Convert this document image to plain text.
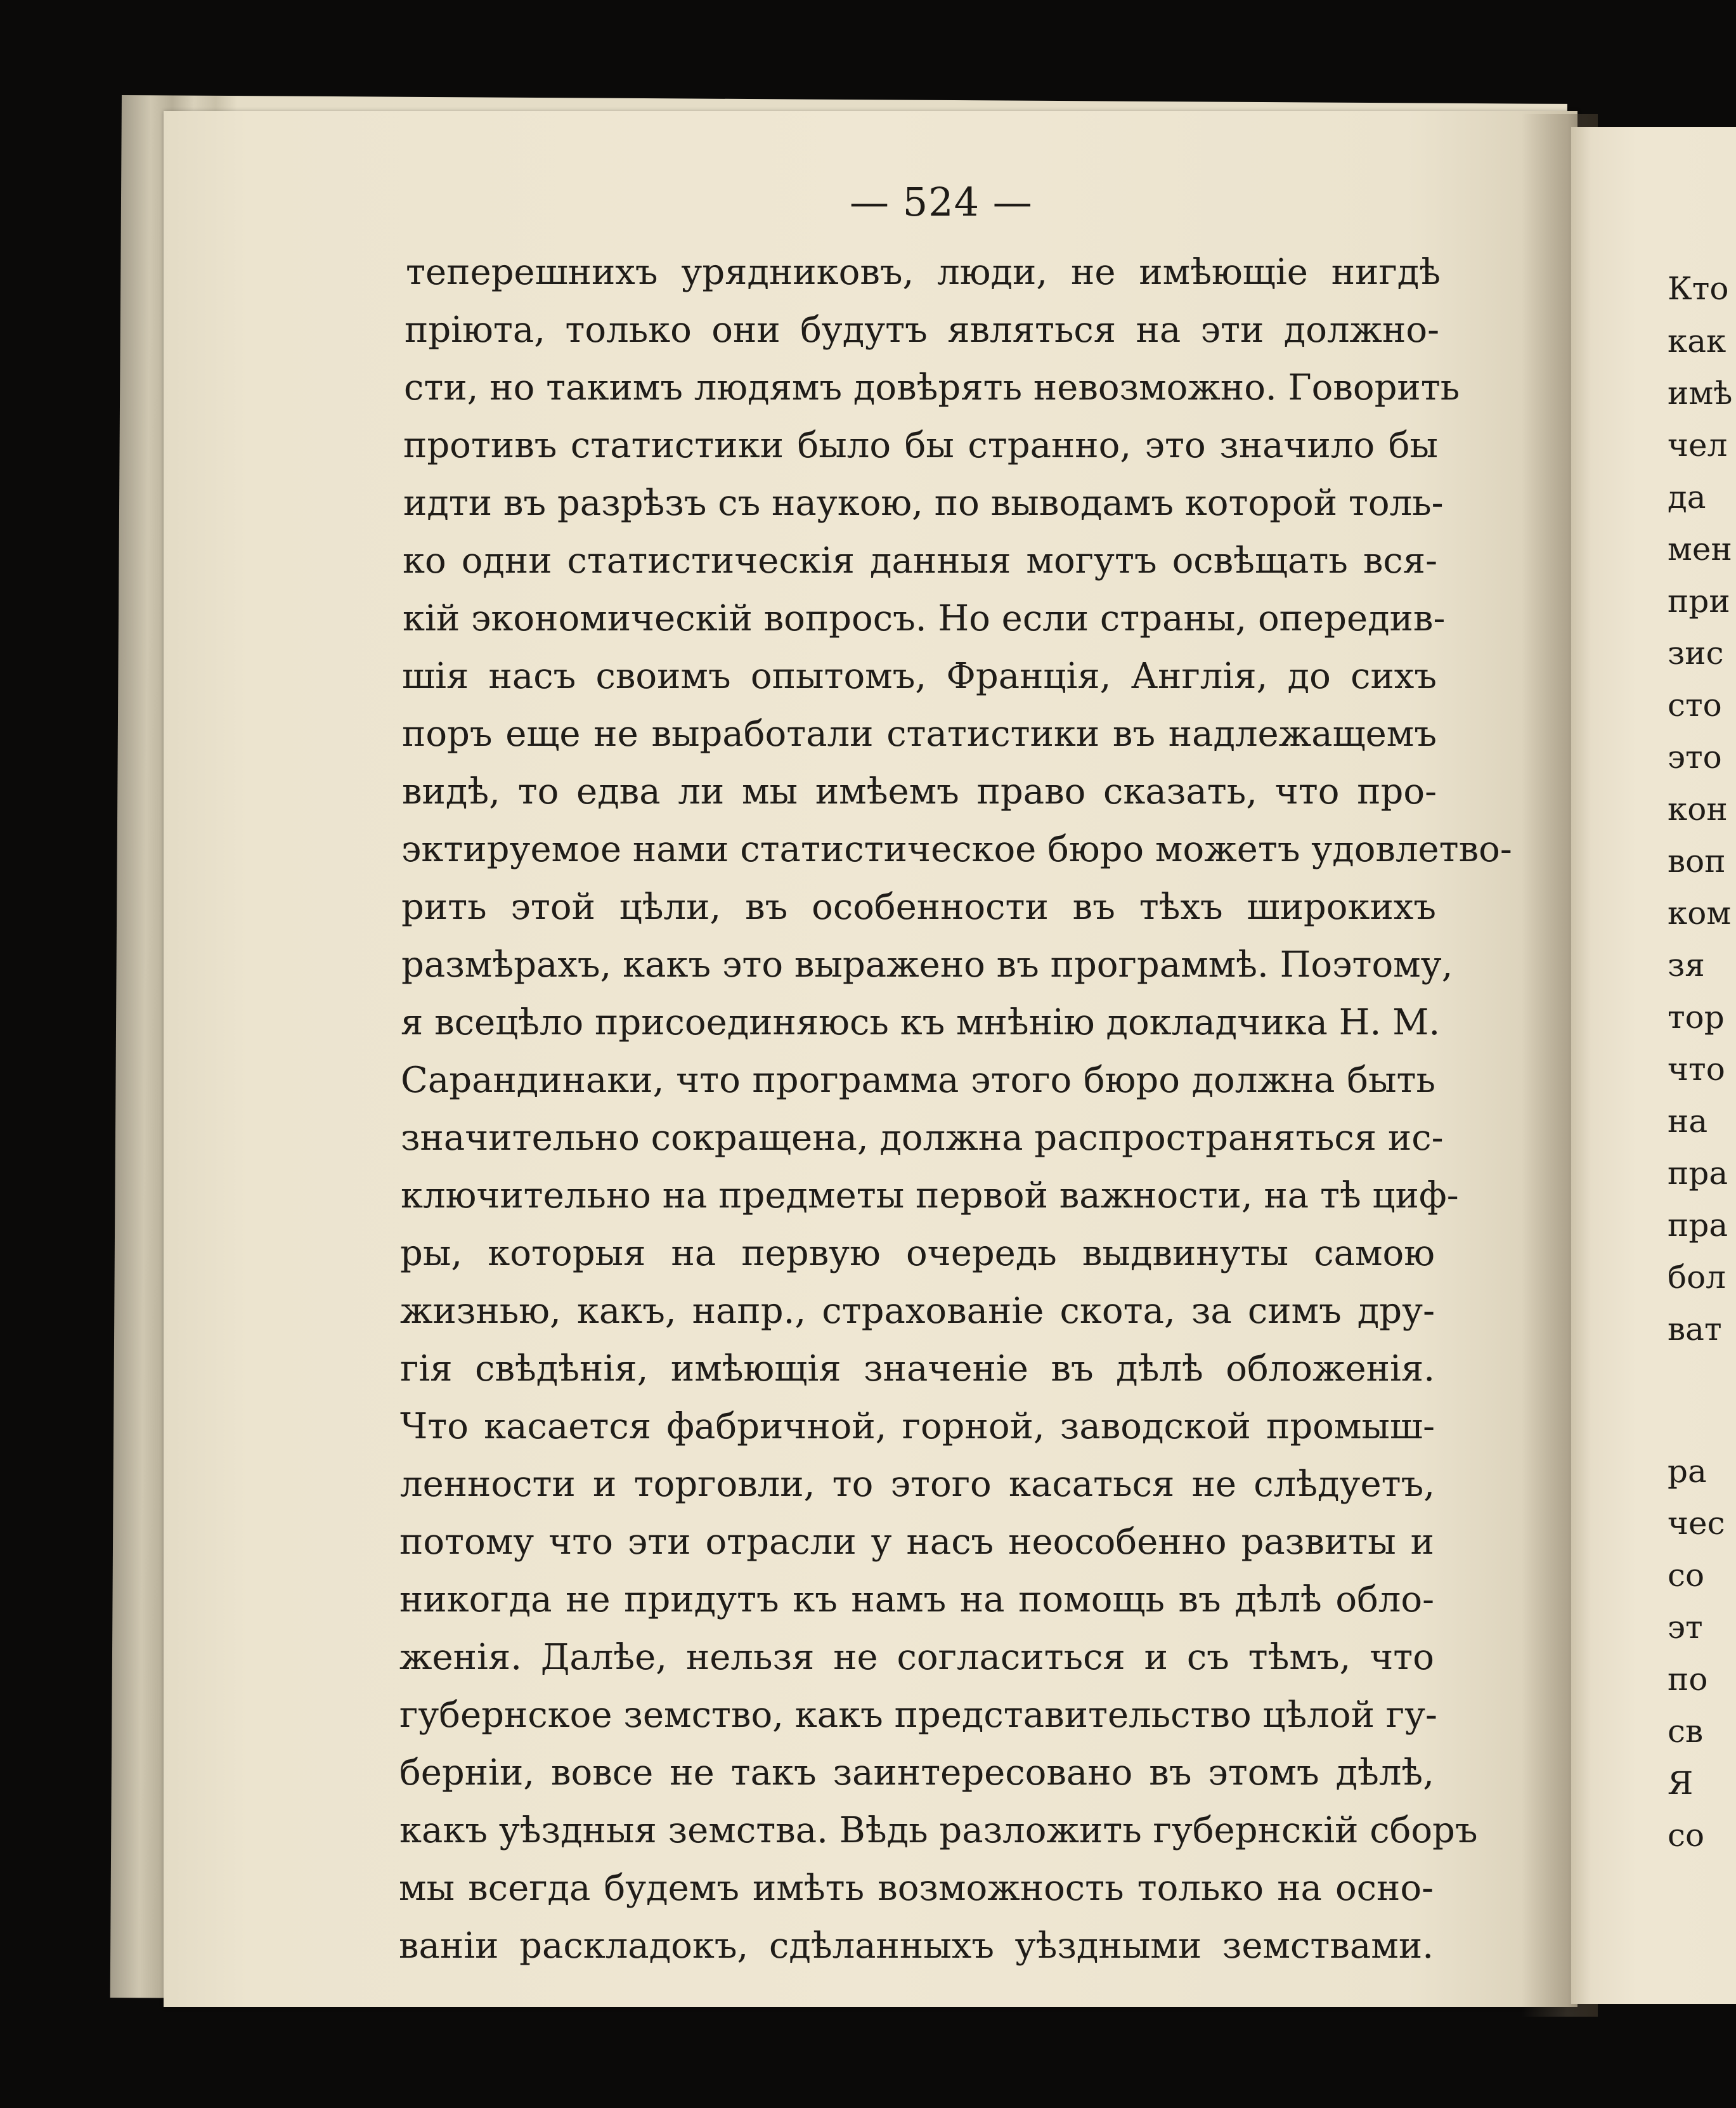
— 524 —
теперешнихъ урядниковъ, люди, не имѣющіе нигдѣ
пріюта, только они будутъ являться на эти должно-
сти, но такимъ людямъ довѣрять невозможно. Говорить
противъ статистики было бы странно, это значило бы
идти въ разрѣзъ съ наукою, по выводамъ которой толь-
ко одни статистическія данныя могутъ освѣщать вся-
кій экономическій вопросъ. Но если страны, опередив-
шія насъ своимъ опытомъ, Франція, Англія, до сихъ
поръ еще не выработали статистики въ надлежащемъ
видѣ, то едва ли мы имѣемъ право сказать, что про-
эктируемое нами статистическое бюро можетъ удовлетво-
рить этой цѣли, въ особенности въ тѣхъ широкихъ
размѣрахъ, какъ это выражено въ программѣ. Поэтому,
я всецѣло присоединяюсь къ мнѣнію докладчика Н. М.
Сарандинаки, что программа этого бюро должна быть
значительно сокращена, должна распространяться ис-
ключительно на предметы первой важности, на тѣ циф-
ры, которыя на первую очередь выдвинуты самою
жизнью, какъ, напр., страхованіе скота, за симъ дру-
гія свѣдѣнія, имѣющія значеніе въ дѣлѣ обложенія.
Что касается фабричной, горной, заводской промыш-
ленности и торговли, то этого касаться не слѣдуетъ,
потому что эти отрасли у насъ неособенно развиты и
никогда не придутъ къ намъ на помощь въ дѣлѣ обло-
женія. Далѣе, нельзя не согласиться и съ тѣмъ, что
губернское земство, какъ представительство цѣлой гу-
берніи, вовсе не такъ заинтересовано въ этомъ дѣлѣ,
какъ уѣздныя земства. Вѣдь разложить губернскій сборъ
мы всегда будемъ имѣть возможность только на осно-
ваніи раскладокъ, сдѣланныхъ уѣздными земствами.
Кто
как
имѣ
чел
да
мен
при
зис
сто
это
кон
воп
ком
зя
тор
что
на
пра
пра
бол
ват
ра
чес
со
эт
по
св
Я
со
